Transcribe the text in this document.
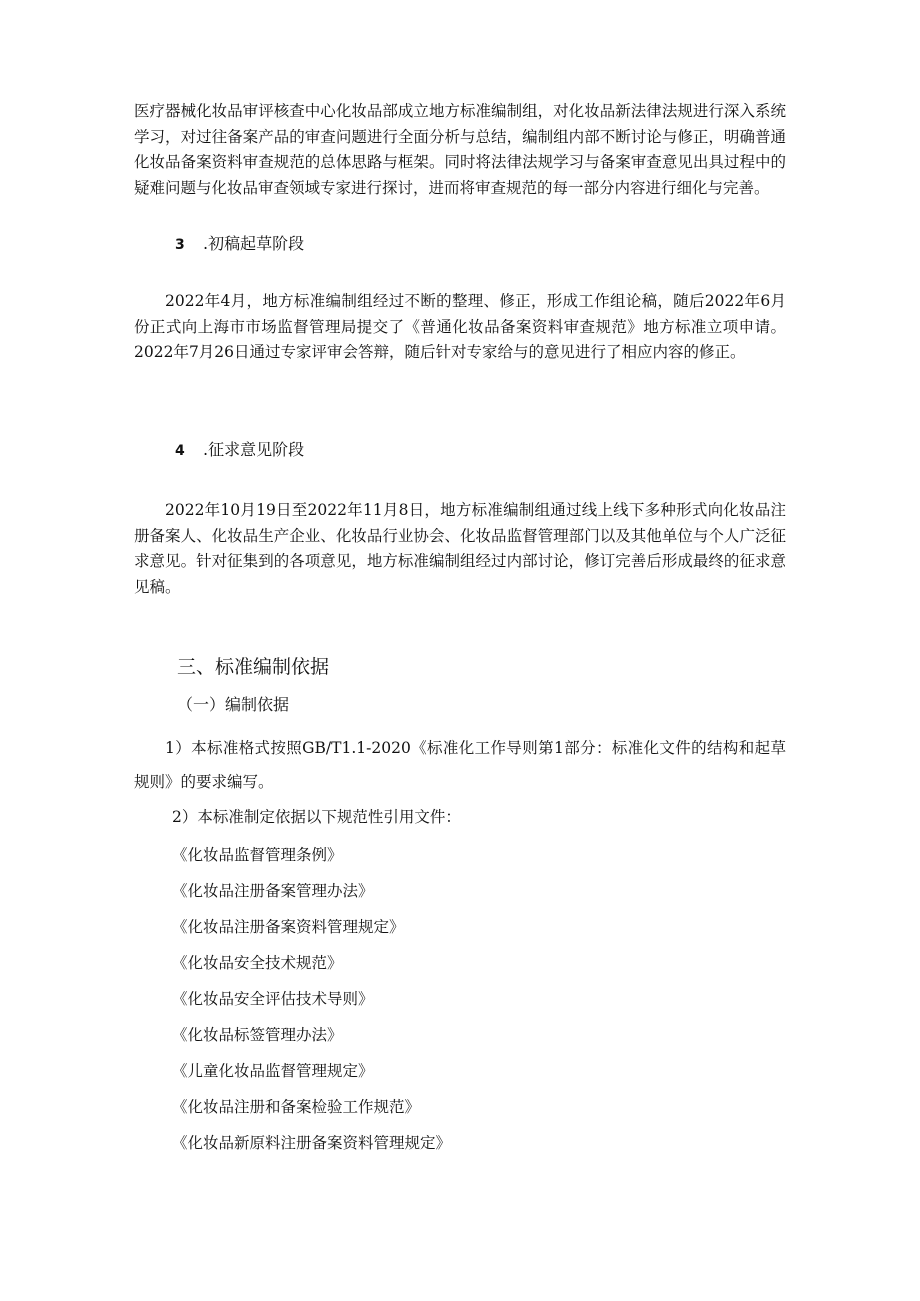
医疗器械化妆品审评核查中心化妆品部成立地方标准编制组，对化妆品新法律法规进行深入系统学习，对过往备案产品的审查问题进行全面分析与总结，编制组内部不断讨论与修正，明确普通化妆品备案资料审查规范的总体思路与框架。同时将法律法规学习与备案审查意见出具过程中的疑难问题与化妆品审查领域专家进行探讨，进而将审查规范的每一部分内容进行细化与完善。

3 .初稿起草阶段

2022年4月，地方标准编制组经过不断的整理、修正，形成工作组论稿，随后2022年6月份正式向上海市市场监督管理局提交了《普通化妆品备案资料审查规范》地方标准立项申请。2022年7月26日通过专家评审会答辩，随后针对专家给与的意见进行了相应内容的修正。

4 .征求意见阶段

2022年10月19日至2022年11月8日，地方标准编制组通过线上线下多种形式向化妆品注册备案人、化妆品生产企业、化妆品行业协会、化妆品监督管理部门以及其他单位与个人广泛征求意见。针对征集到的各项意见，地方标准编制组经过内部讨论，修订完善后形成最终的征求意见稿。

三、标准编制依据

（一）编制依据

1）本标准格式按照GB/T1.1-2020《标准化工作导则第1部分：标准化文件的结构和起草规则》的要求编写。

2）本标准制定依据以下规范性引用文件：

《化妆品监督管理条例》
《化妆品注册备案管理办法》
《化妆品注册备案资料管理规定》
《化妆品安全技术规范》
《化妆品安全评估技术导则》
《化妆品标签管理办法》
《儿童化妆品监督管理规定》
《化妆品注册和备案检验工作规范》
《化妆品新原料注册备案资料管理规定》
